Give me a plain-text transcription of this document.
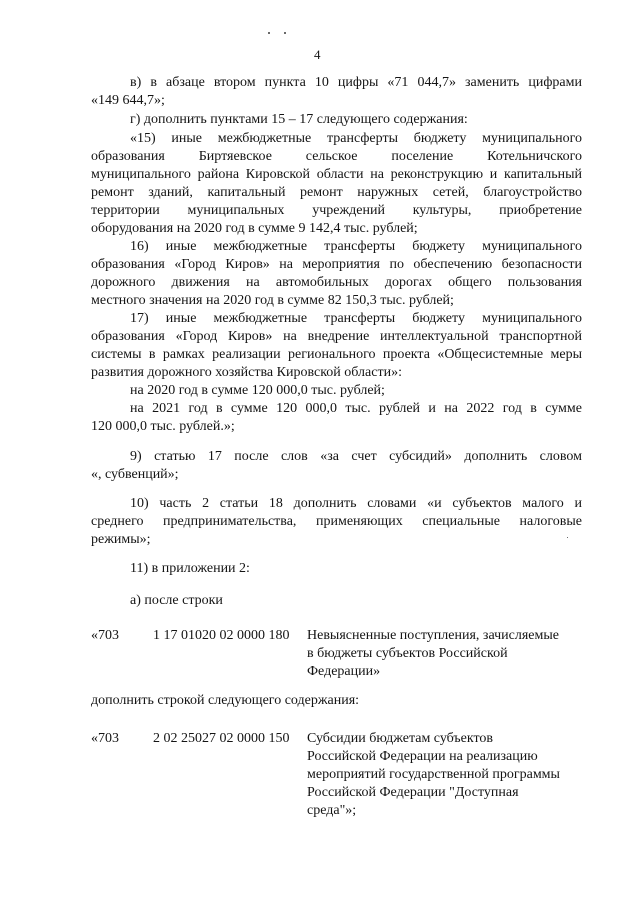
4
в) в абзаце втором пункта 10 цифры «71 044,7» заменить цифрами
«149 644,7»;
г) дополнить пунктами 15 – 17 следующего содержания:
«15) иные межбюджетные трансферты бюджету муниципального
образования Биртяевское сельское поселение Котельничского
муниципального района Кировской области на реконструкцию и капитальный
ремонт зданий, капитальный ремонт наружных сетей, благоустройство
территории муниципальных учреждений культуры, приобретение
оборудования на 2020 год в сумме 9 142,4 тыс. рублей;
16) иные межбюджетные трансферты бюджету муниципального
образования «Город Киров» на мероприятия по обеспечению безопасности
дорожного движения на автомобильных дорогах общего пользования
местного значения на 2020 год в сумме 82 150,3 тыс. рублей;
17) иные межбюджетные трансферты бюджету муниципального
образования «Город Киров» на внедрение интеллектуальной транспортной
системы в рамках реализации регионального проекта «Общесистемные меры
развития дорожного хозяйства Кировской области»:
на 2020 год в сумме 120 000,0 тыс. рублей;
на 2021 год в сумме 120 000,0 тыс. рублей и на 2022 год в сумме
120 000,0 тыс. рублей.»;
9) статью 17 после слов «за счет субсидий» дополнить словом
«, субвенций»;
10) часть 2 статьи 18 дополнить словами «и субъектов малого и
среднего предпринимательства, применяющих специальные налоговые
режимы»;
11) в приложении 2:
а) после строки
«703 1 17 01020 02 0000 180 Невыясненные поступления, зачисляемые
в бюджеты субъектов Российской
Федерации»
дополнить строкой следующего содержания:
«703 2 02 25027 02 0000 150 Субсидии бюджетам субъектов
Российской Федерации на реализацию
мероприятий государственной программы
Российской Федерации "Доступная
среда"»;
